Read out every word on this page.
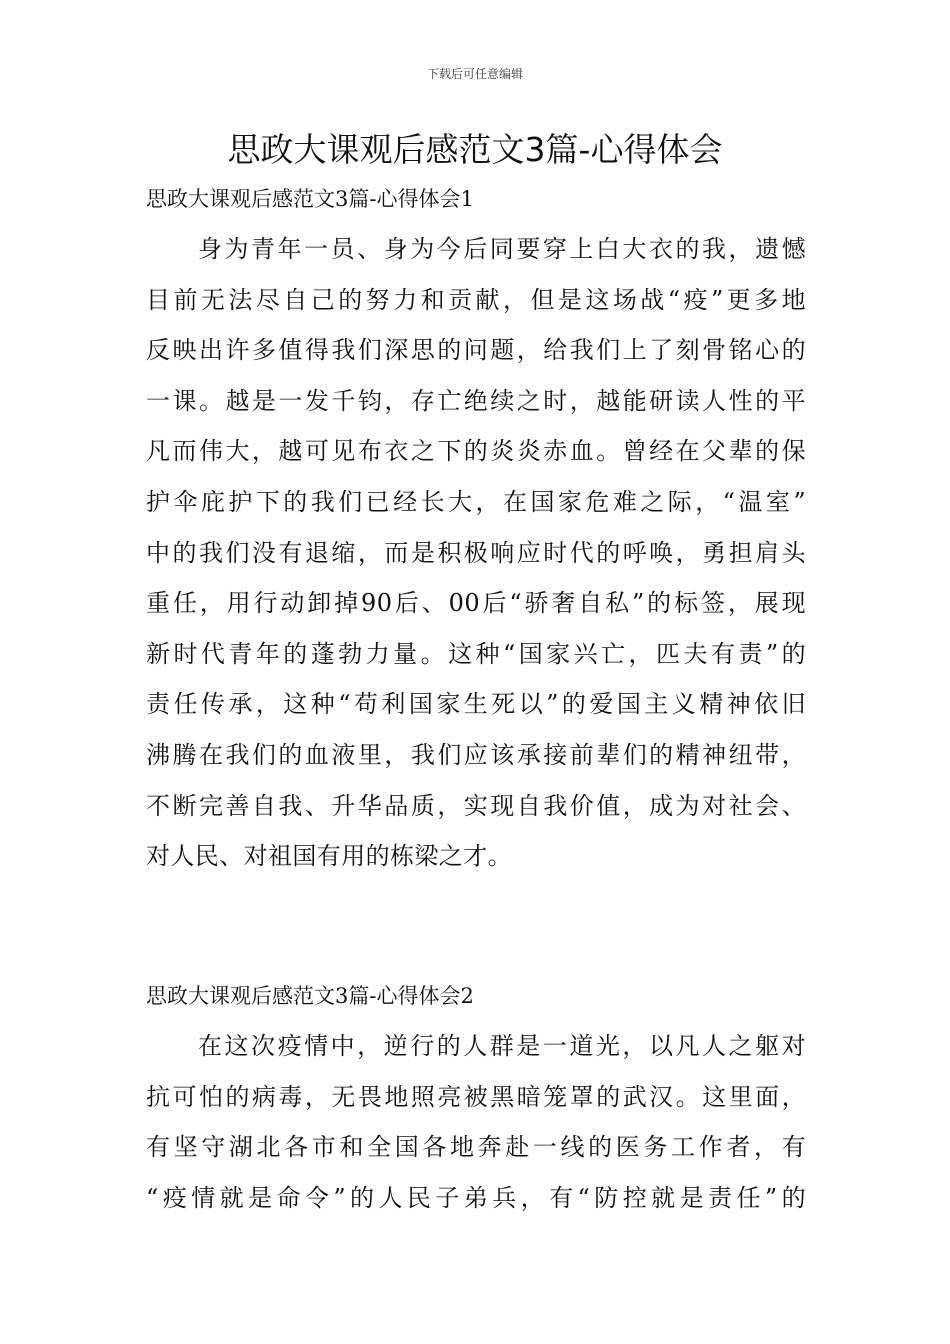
下载后可任意编辑
思政大课观后感范文3篇-心得体会
思政大课观后感范文3篇-心得体会1
身为青年一员、身为今后同要穿上白大衣的我，遗憾
目前无法尽自己的努力和贡献，但是这场战“疫”更多地
反映出许多值得我们深思的问题，给我们上了刻骨铭心的
一课。越是一发千钧，存亡绝续之时，越能研读人性的平
凡而伟大，越可见布衣之下的炎炎赤血。曾经在父辈的保
护伞庇护下的我们已经长大，在国家危难之际，“温室”
中的我们没有退缩，而是积极响应时代的呼唤，勇担肩头
重任，用行动卸掉90后、00后“骄奢自私”的标签，展现
新时代青年的蓬勃力量。这种“国家兴亡，匹夫有责”的
责任传承，这种“苟利国家生死以”的爱国主义精神依旧
沸腾在我们的血液里，我们应该承接前辈们的精神纽带，
不断完善自我、升华品质，实现自我价值，成为对社会、
对人民、对祖国有用的栋梁之才。
思政大课观后感范文3篇-心得体会2
在这次疫情中，逆行的人群是一道光，以凡人之躯对
抗可怕的病毒，无畏地照亮被黑暗笼罩的武汉。这里面，
有坚守湖北各市和全国各地奔赴一线的医务工作者，有
“疫情就是命令”的人民子弟兵，有“防控就是责任”的
